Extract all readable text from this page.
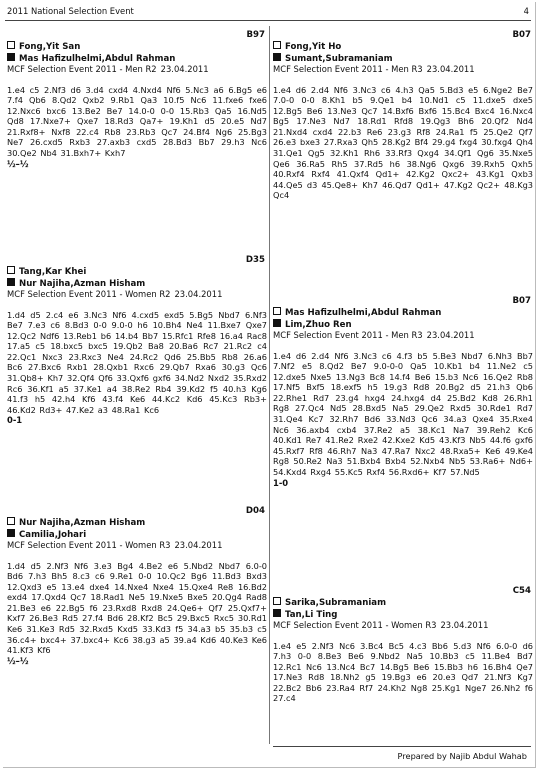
2011 National Selection Event	4
B97
Fong,Yit San
Mas Hafizulhelmi,Abdul Rahman
MCF Selection Event 2011 - Men R2 23.04.2011
1.e4 c5 2.Nf3 d6 3.d4 cxd4 4.Nxd4 Nf6 5.Nc3 a6 6.Bg5 e6 7.f4 Qb6 8.Qd2 Qxb2 9.Rb1 Qa3 10.f5 Nc6 11.fxe6 fxe6 12.Nxc6 bxc6 13.Be2 Be7 14.0-0 0-0 15.Rb3 Qa5 16.Nd5 Qd8 17.Nxe7+ Qxe7 18.Rd3 Qa7+ 19.Kh1 d5 20.e5 Nd7 21.Rxf8+ Nxf8 22.c4 Rb8 23.Rb3 Qc7 24.Bf4 Ng6 25.Bg3 Ne7 26.cxd5 Rxb3 27.axb3 cxd5 28.Bd3 Bb7 29.h3 Nc6 30.Qe2 Nb4 31.Bxh7+ Kxh7
½–½
D35
Tang,Kar Khei
Nur Najiha,Azman Hisham
MCF Selection Event 2011 - Women R2 23.04.2011
1.d4 d5 2.c4 e6 3.Nc3 Nf6 4.cxd5 exd5 5.Bg5 Nbd7 6.Nf3 Be7 7.e3 c6 8.Bd3 0-0 9.0-0 h6 10.Bh4 Ne4 11.Bxe7 Qxe7 12.Qc2 Ndf6 13.Reb1 b6 14.b4 Bb7 15.Rfc1 Rfe8 16.a4 Rac8 17.a5 c5 18.bxc5 bxc5 19.Qb2 Ba8 20.Ba6 Rc7 21.Rc2 c4 22.Qc1 Nxc3 23.Rxc3 Ne4 24.Rc2 Qd6 25.Bb5 Rb8 26.a6 Bc6 27.Bxc6 Rxb1 28.Qxb1 Rxc6 29.Qb7 Rxa6 30.g3 Qc6 31.Qb8+ Kh7 32.Qf4 Qf6 33.Qxf6 gxf6 34.Nd2 Nxd2 35.Rxd2 Rc6 36.Kf1 a5 37.Ke1 a4 38.Re2 Rb4 39.Kd2 f5 40.h3 Kg6 41.f3 h5 42.h4 Kf6 43.f4 Ke6 44.Kc2 Kd6 45.Kc3 Rb3+ 46.Kd2 Rd3+ 47.Ke2 a3 48.Ra1 Kc6
0-1
D04
Nur Najiha,Azman Hisham
Camilia,Johari
MCF Selection Event 2011 - Women R3 23.04.2011
1.d4 d5 2.Nf3 Nf6 3.e3 Bg4 4.Be2 e6 5.Nbd2 Nbd7 6.0-0 Bd6 7.h3 Bh5 8.c3 c6 9.Re1 0-0 10.Qc2 Bg6 11.Bd3 Bxd3 12.Qxd3 e5 13.e4 dxe4 14.Nxe4 Nxe4 15.Qxe4 Re8 16.Bd2 exd4 17.Qxd4 Qc7 18.Rad1 Ne5 19.Nxe5 Bxe5 20.Qg4 Rad8 21.Be3 e6 22.Bg5 f6 23.Rxd8 Rxd8 24.Qe6+ Qf7 25.Qxf7+ Kxf7 26.Be3 Rd5 27.f4 Bd6 28.Kf2 Bc5 29.Bxc5 Rxc5 30.Rd1 Ke6 31.Ke3 Rd5 32.Rxd5 Kxd5 33.Kd3 f5 34.a3 b5 35.b3 c5 36.c4+ bxc4+ 37.bxc4+ Kc6 38.g3 a5 39.a4 Kd6 40.Ke3 Ke6 41.Kf3 Kf6
½–½
B07
Fong,Yit Ho
Sumant,Subramaniam
MCF Selection Event 2011 - Men R3 23.04.2011
1.e4 d6 2.d4 Nf6 3.Nc3 c6 4.h3 Qa5 5.Bd3 e5 6.Nge2 Be7 7.0-0 0-0 8.Kh1 b5 9.Qe1 b4 10.Nd1 c5 11.dxe5 dxe5 12.Bg5 Be6 13.Ne3 Qc7 14.Bxf6 Bxf6 15.Bc4 Bxc4 16.Nxc4 Bg5 17.Ne3 Nd7 18.Rd1 Rfd8 19.Qg3 Bh6 20.Qf2 Nd4 21.Nxd4 cxd4 22.b3 Re6 23.g3 Rf8 24.Ra1 f5 25.Qe2 Qf7 26.e3 bxe3 27.Rxa3 Qh5 28.Kg2 Bf4 29.g4 fxg4 30.fxg4 Qh4 31.Qe1 Qg5 32.Kh1 Rh6 33.Rf3 Qxg4 34.Qf1 Qg6 35.Nxe5 Qe6 36.Ra5 Rh5 37.Rd5 h6 38.Ng6 Qxg6 39.Rxh5 Qxh5 40.Rxf4 Rxf4 41.Qxf4 Qd1+ 42.Kg2 Qxc2+ 43.Kg1 Qxb3 44.Qe5 d3 45.Qe8+ Kh7 46.Qd7 Qd1+ 47.Kg2 Qc2+ 48.Kg3 Qc4
B07
Mas Hafizulhelmi,Abdul Rahman
Lim,Zhuo Ren
MCF Selection Event 2011 - Men R3 23.04.2011
1.e4 d6 2.d4 Nf6 3.Nc3 c6 4.f3 b5 5.Be3 Nbd7 6.Nh3 Bb7 7.Nf2 e5 8.Qd2 Be7 9.0-0-0 Qa5 10.Kb1 b4 11.Ne2 c5 12.dxe5 Nxe5 13.Ng3 Bc8 14.f4 Be6 15.b3 Nc6 16.Qe2 Rb8 17.Nf5 Bxf5 18.exf5 h5 19.g3 Rd8 20.Bg2 d5 21.h3 Qb6 22.Rhe1 Rd7 23.g4 hxg4 24.hxg4 d4 25.Bd2 Kd8 26.Rh1 Rg8 27.Qc4 Nd5 28.Bxd5 Na5 29.Qe2 Rxd5 30.Rde1 Rd7 31.Qe4 Kc7 32.Rh7 Bd6 33.Nd3 Qc6 34.a3 Qxe4 35.Rxe4 Nc6 36.axb4 cxb4 37.Re2 a5 38.Kc1 Na7 39.Reh2 Kc6 40.Kd1 Re7 41.Re2 Rxe2 42.Kxe2 Kd5 43.Kf3 Nb5 44.f6 gxf6 45.Rxf7 Rf8 46.Rh7 Na3 47.Ra7 Nxc2 48.Rxa5+ Ke6 49.Ke4 Rg8 50.Re2 Na3 51.Bxb4 Bxb4 52.Nxb4 Nb5 53.Ra6+ Nd6+ 54.Kxd4 Rxg4 55.Kc5 Rxf4 56.Rxd6+ Kf7 57.Nd5
1-0
C54
Sarika,Subramaniam
Tan,Li Ting
MCF Selection Event 2011 - Women R3 23.04.2011
1.e4 e5 2.Nf3 Nc6 3.Bc4 Bc5 4.c3 Bb6 5.d3 Nf6 6.0-0 d6 7.h3 0-0 8.Be3 Be6 9.Nbd2 Na5 10.Bb3 c5 11.Be4 Bd7 12.Rc1 Nc6 13.Nc4 Bc7 14.Bg5 Be6 15.Bb3 h6 16.Bh4 Qe7 17.Ne3 Rd8 18.Nh2 g5 19.Bg3 e6 20.e3 Qd7 21.Nf3 Kg7 22.Bc2 Bb6 23.Ra4 Rf7 24.Kh2 Ng8 25.Kg1 Nge7 26.Nh2 f6 27.c4
Prepared by Najib Abdul Wahab
